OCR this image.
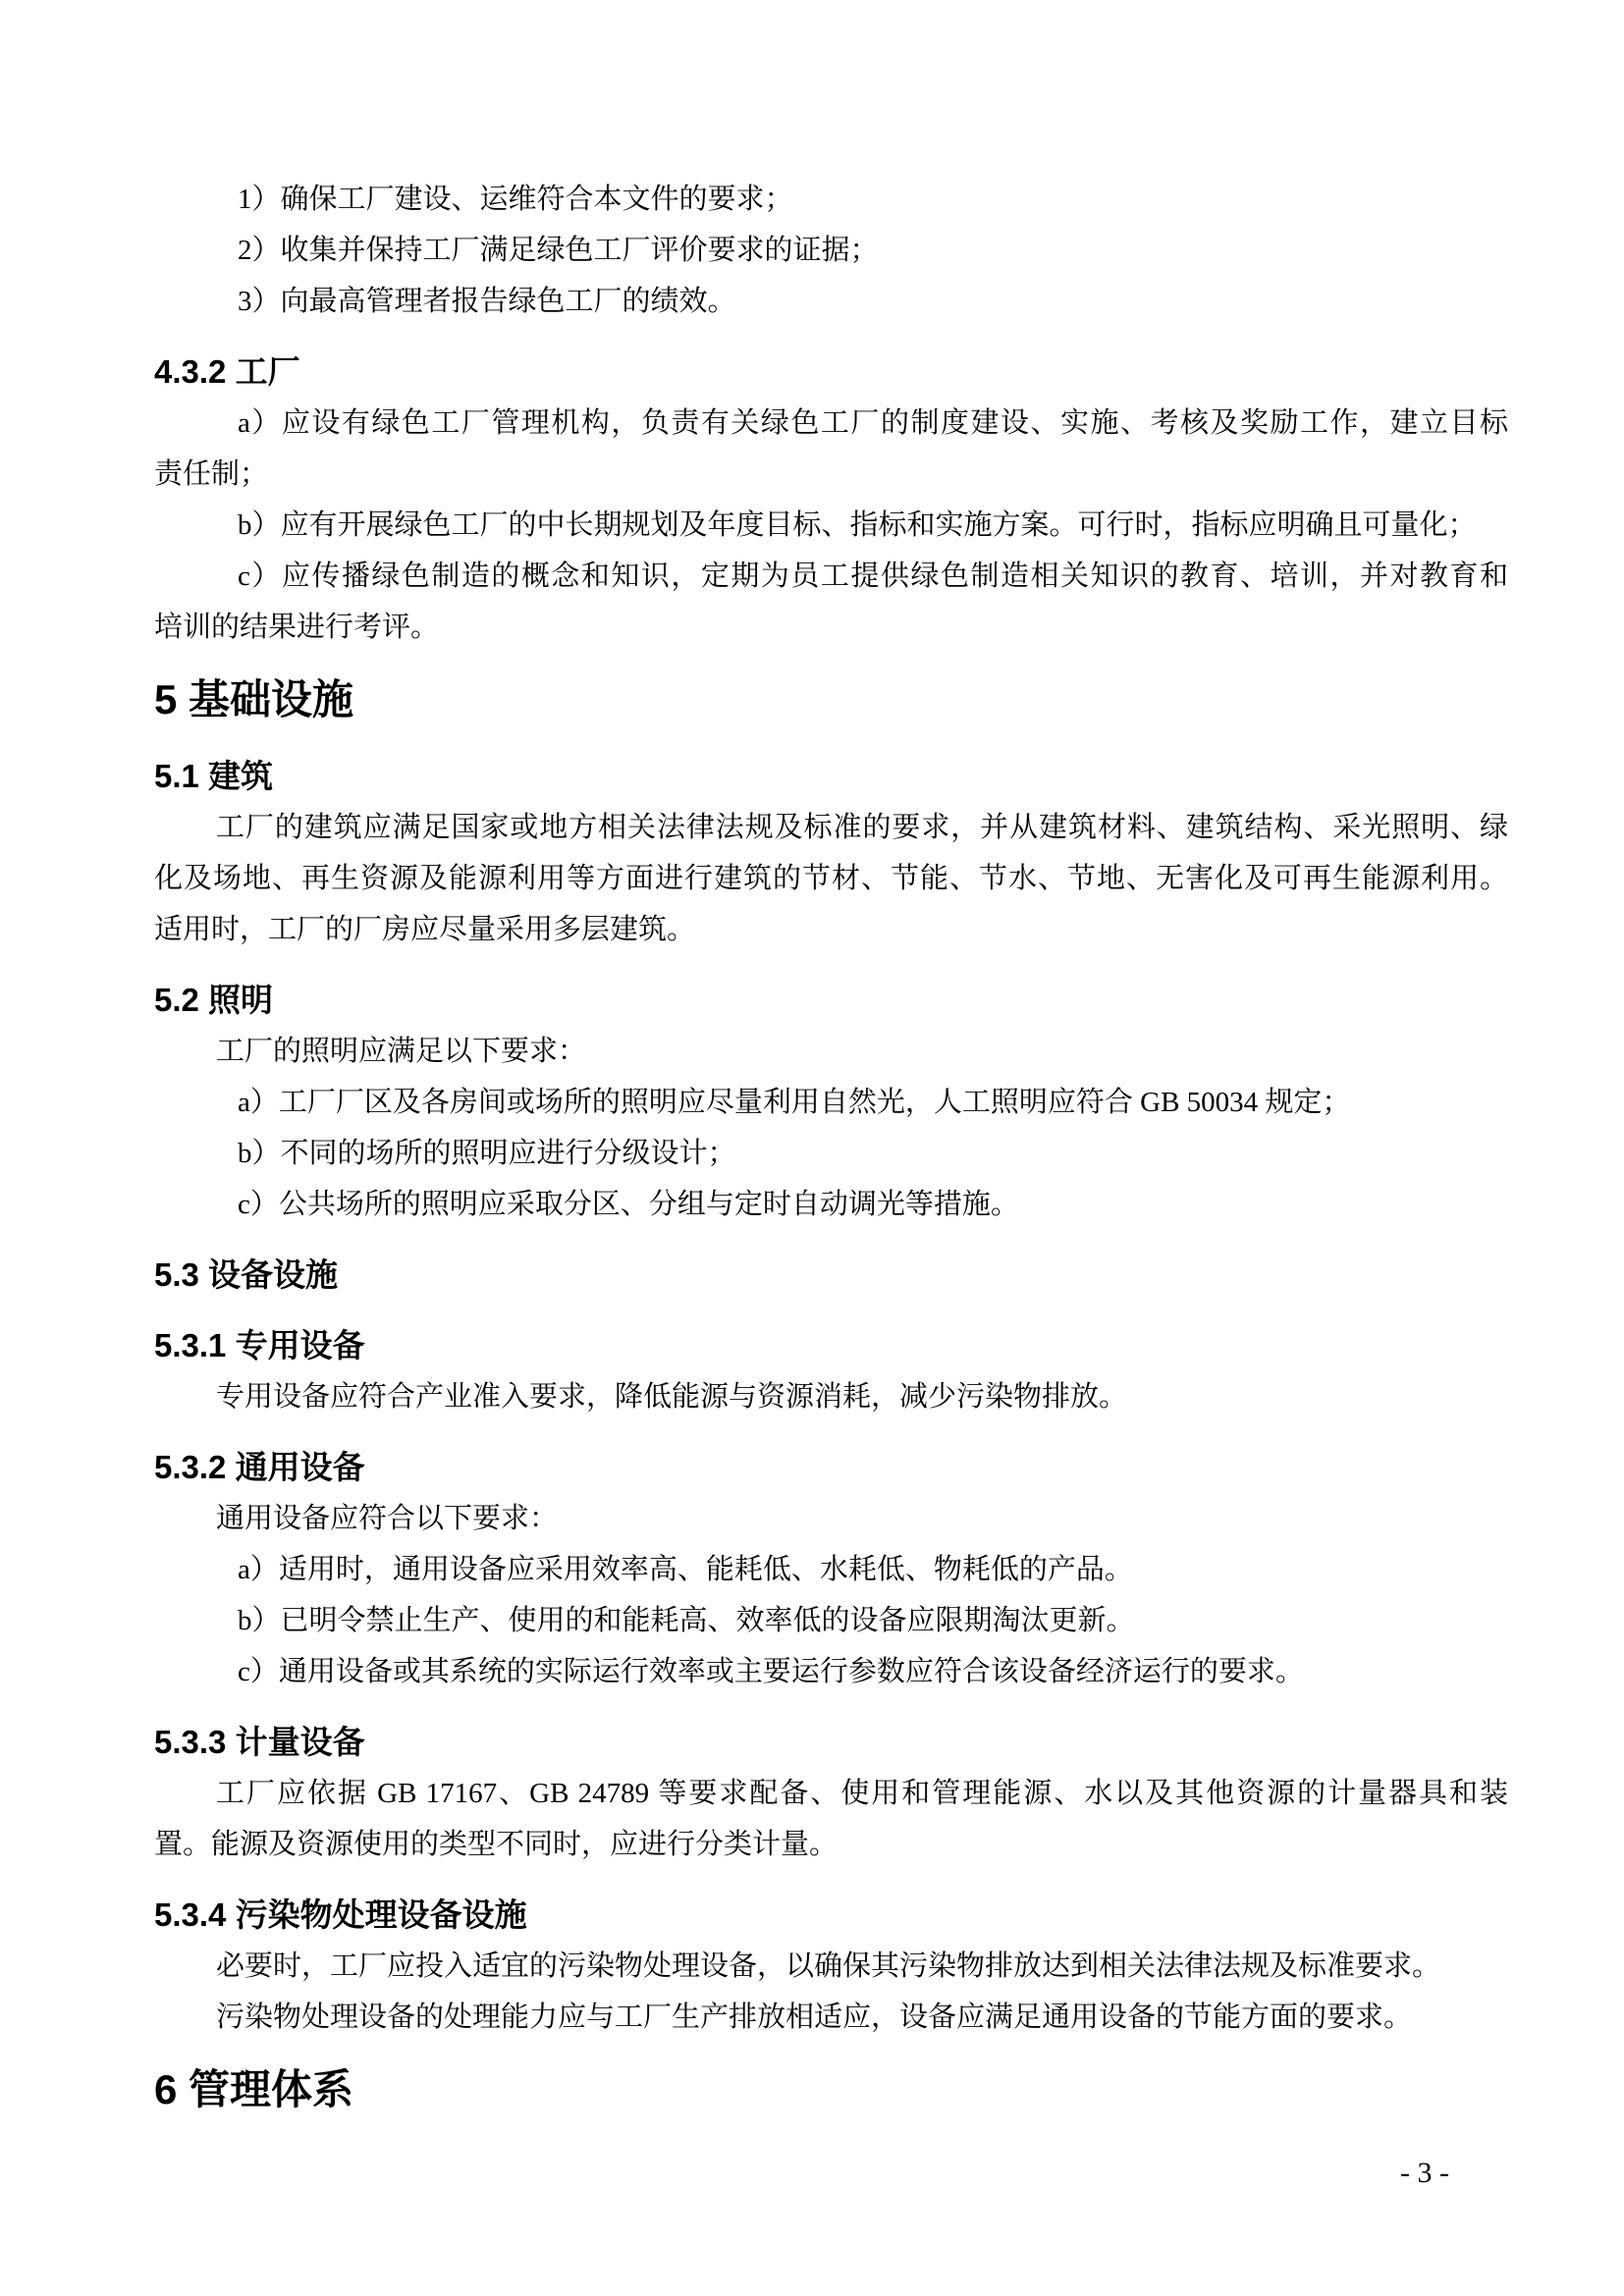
1）确保工厂建设、运维符合本文件的要求；
2）收集并保持工厂满足绿色工厂评价要求的证据；
3）向最高管理者报告绿色工厂的绩效。
4.3.2 工厂
a）应设有绿色工厂管理机构，负责有关绿色工厂的制度建设、实施、考核及奖励工作，建立目标
责任制；
b）应有开展绿色工厂的中长期规划及年度目标、指标和实施方案。可行时，指标应明确且可量化；
c）应传播绿色制造的概念和知识，定期为员工提供绿色制造相关知识的教育、培训，并对教育和
培训的结果进行考评。
5 基础设施
5.1 建筑
工厂的建筑应满足国家或地方相关法律法规及标准的要求，并从建筑材料、建筑结构、采光照明、绿
化及场地、再生资源及能源利用等方面进行建筑的节材、节能、节水、节地、无害化及可再生能源利用。
适用时，工厂的厂房应尽量采用多层建筑。
5.2 照明
工厂的照明应满足以下要求：
a）工厂厂区及各房间或场所的照明应尽量利用自然光，人工照明应符合 GB 50034 规定；
b）不同的场所的照明应进行分级设计；
c）公共场所的照明应采取分区、分组与定时自动调光等措施。
5.3 设备设施
5.3.1 专用设备
专用设备应符合产业准入要求，降低能源与资源消耗，减少污染物排放。
5.3.2 通用设备
通用设备应符合以下要求：
a）适用时，通用设备应采用效率高、能耗低、水耗低、物耗低的产品。
b）已明令禁止生产、使用的和能耗高、效率低的设备应限期淘汰更新。
c）通用设备或其系统的实际运行效率或主要运行参数应符合该设备经济运行的要求。
5.3.3 计量设备
工厂应依据 GB 17167、GB 24789 等要求配备、使用和管理能源、水以及其他资源的计量器具和装
置。能源及资源使用的类型不同时，应进行分类计量。
5.3.4 污染物处理设备设施
必要时，工厂应投入适宜的污染物处理设备，以确保其污染物排放达到相关法律法规及标准要求。
污染物处理设备的处理能力应与工厂生产排放相适应，设备应满足通用设备的节能方面的要求。
6 管理体系
- 3 -
